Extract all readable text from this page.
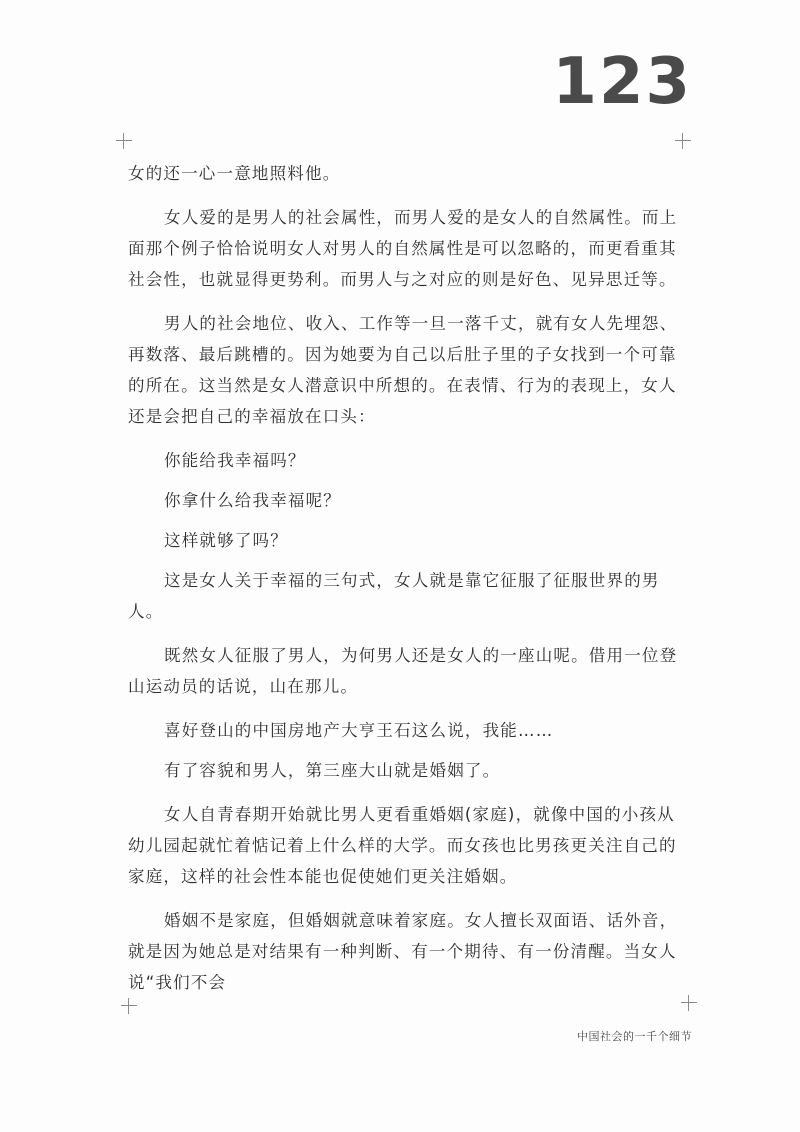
123

女的还一心一意地照料他。

女人爱的是男人的社会属性，而男人爱的是女人的自然属性。而上面那个例子恰恰说明女人对男人的自然属性是可以忽略的，而更看重其社会性，也就显得更势利。而男人与之对应的则是好色、见异思迁等。

男人的社会地位、收入、工作等一旦一落千丈，就有女人先埋怨、再数落、最后跳槽的。因为她要为自己以后肚子里的子女找到一个可靠的所在。这当然是女人潜意识中所想的。在表情、行为的表现上，女人还是会把自己的幸福放在口头：

你能给我幸福吗？

你拿什么给我幸福呢？

这样就够了吗？

这是女人关于幸福的三句式，女人就是靠它征服了征服世界的男人。

既然女人征服了男人，为何男人还是女人的一座山呢。借用一位登山运动员的话说，山在那儿。

喜好登山的中国房地产大亨王石这么说，我能……

有了容貌和男人，第三座大山就是婚姻了。

女人自青春期开始就比男人更看重婚姻(家庭)，就像中国的小孩从幼儿园起就忙着惦记着上什么样的大学。而女孩也比男孩更关注自己的家庭，这样的社会性本能也促使她们更关注婚姻。

婚姻不是家庭，但婚姻就意味着家庭。女人擅长双面语、话外音，就是因为她总是对结果有一种判断、有一个期待、有一份清醒。当女人说“我们不会

中国社会的一千个细节
